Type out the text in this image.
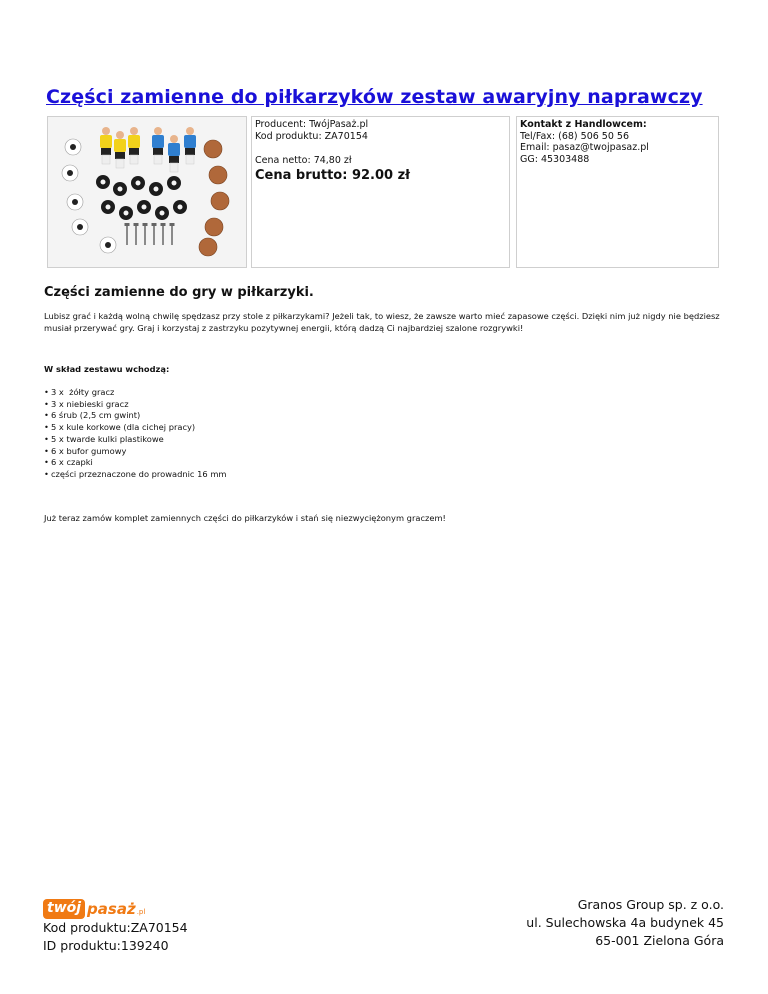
Części zamienne do piłkarzyków zestaw awaryjny naprawczy
Producent: TwójPasaż.pl
Kod produktu: ZA70154
Cena netto: 74,80 zł
Cena brutto: 92.00 zł
Kontakt z Handlowcem:
Tel/Fax: (68) 506 50 56
Email: pasaz@twojpasaz.pl
GG: 45303488
Części zamienne do gry w piłkarzyki.

Lubisz grać i każdą wolną chwilę spędzasz przy stole z piłkarzykami? Jeżeli tak, to wiesz, że zawsze warto mieć zapasowe części. Dzięki nim już nigdy nie będziesz musiał przerywać gry. Graj i korzystaj z zastrzyku pozytywnej energii, którą dadzą Ci najbardziej szalone rozgrywki!

W skład zestawu wchodzą:

• 3 x  żółty gracz
• 3 x niebieski gracz
• 6 śrub (2,5 cm gwint)
• 5 x kule korkowe (dla cichej pracy)
• 5 x twarde kulki plastikowe
• 6 x bufor gumowy
• 6 x czapki
• części przeznaczone do prowadnic 16 mm

Już teraz zamów komplet zamiennych części do piłkarzyków i stań się niezwyciężonym graczem!

twój pasaż .pl
Kod produktu:ZA70154
ID produktu:139240
Granos Group sp. z o.o.
ul. Sulechowska 4a budynek 45
65-001 Zielona Góra
